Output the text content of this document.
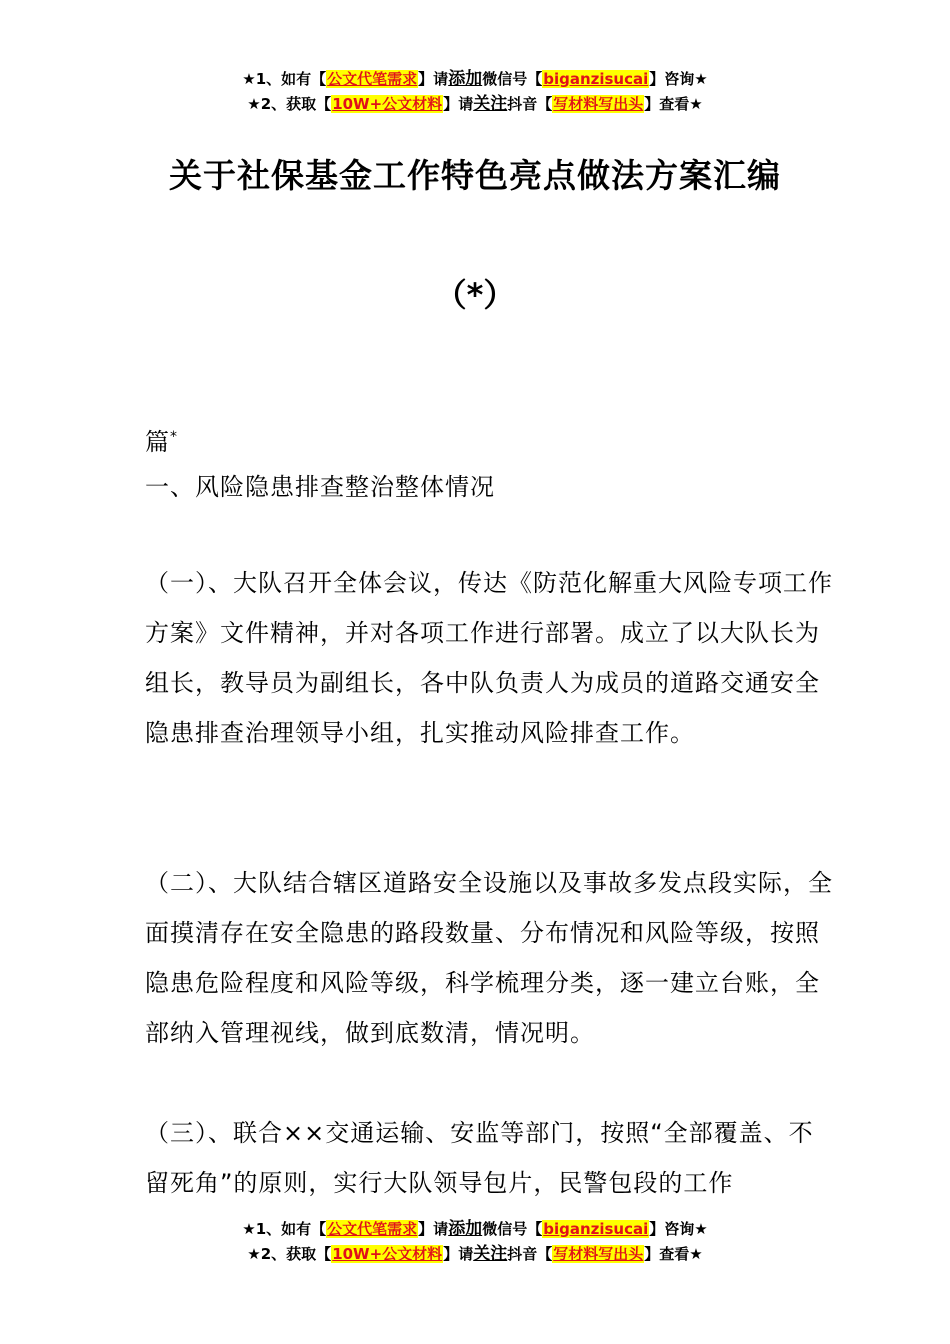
★1、如有【公文代笔需求】请添加微信号【biganzisucai】咨询★
★2、获取【10W+公文材料】请关注抖音【写材料写出头】查看★
关于社保基金工作特色亮点做法方案汇编
（*）
篇*
一、风险隐患排查整治整体情况
（一）、大队召开全体会议，传达《防范化解重大风险专项工作方案》文件精神，并对各项工作进行部署。成立了以大队长为组长，教导员为副组长，各中队负责人为成员的道路交通安全隐患排查治理领导小组，扎实推动风险排查工作。
（二）、大队结合辖区道路安全设施以及事故多发点段实际，全面摸清存在安全隐患的路段数量、分布情况和风险等级，按照隐患危险程度和风险等级，科学梳理分类，逐一建立台账，全部纳入管理视线，做到底数清，情况明。
（三）、联合××交通运输、安监等部门，按照“全部覆盖、不留死角”的原则，实行大队领导包片，民警包段的工作
★1、如有【公文代笔需求】请添加微信号【biganzisucai】咨询★
★2、获取【10W+公文材料】请关注抖音【写材料写出头】查看★
